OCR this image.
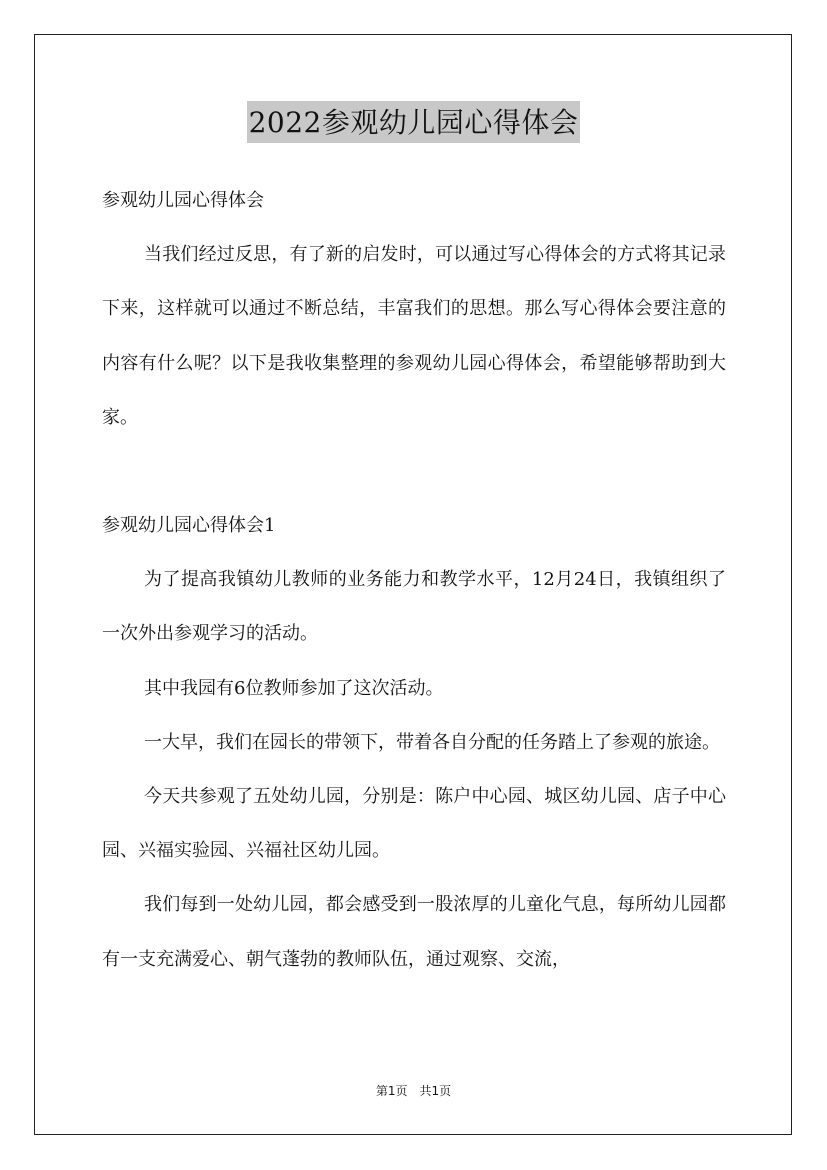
2022参观幼儿园心得体会

参观幼儿园心得体会

当我们经过反思，有了新的启发时，可以通过写心得体会的方式将其记录下来，这样就可以通过不断总结，丰富我们的思想。那么写心得体会要注意的内容有什么呢？以下是我收集整理的参观幼儿园心得体会，希望能够帮助到大家。

参观幼儿园心得体会1

为了提高我镇幼儿教师的业务能力和教学水平，12月24日，我镇组织了一次外出参观学习的活动。

其中我园有6位教师参加了这次活动。

一大早，我们在园长的带领下，带着各自分配的任务踏上了参观的旅途。

今天共参观了五处幼儿园，分别是：陈户中心园、城区幼儿园、店子中心园、兴福实验园、兴福社区幼儿园。

我们每到一处幼儿园，都会感受到一股浓厚的儿童化气息，每所幼儿园都有一支充满爱心、朝气蓬勃的教师队伍，通过观察、交流，

第1页　共1页
